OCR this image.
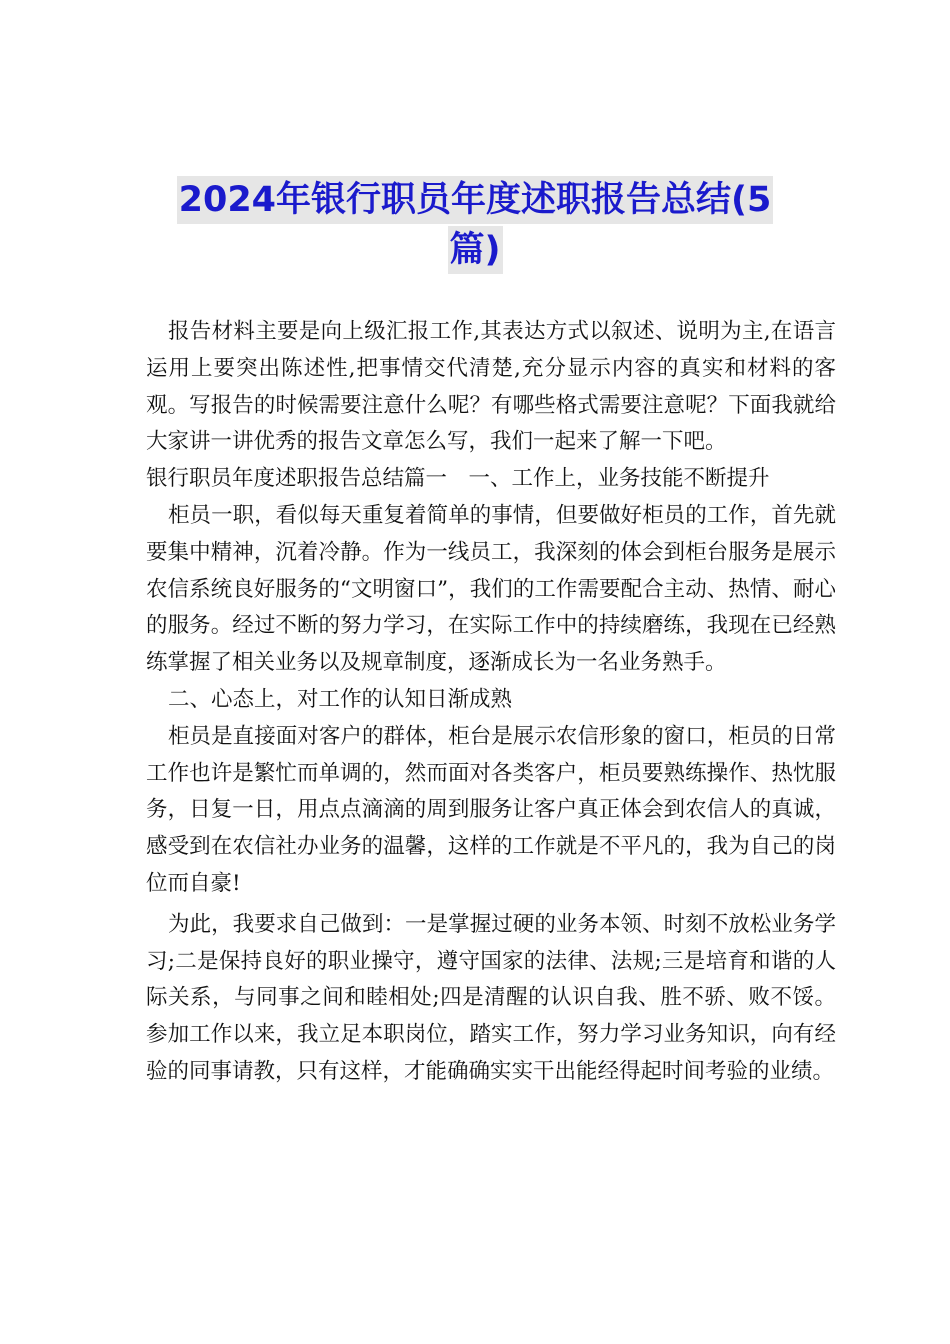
2024年银行职员年度述职报告总结(5
篇)

报告材料主要是向上级汇报工作,其表达方式以叙述、说明为主,在语言运用上要突出陈述性,把事情交代清楚,充分显示内容的真实和材料的客观。写报告的时候需要注意什么呢？有哪些格式需要注意呢？下面我就给大家讲一讲优秀的报告文章怎么写，我们一起来了解一下吧。

银行职员年度述职报告总结篇一　一、工作上，业务技能不断提升

柜员一职，看似每天重复着简单的事情，但要做好柜员的工作，首先就要集中精神，沉着冷静。作为一线员工，我深刻的体会到柜台服务是展示农信系统良好服务的“文明窗口”，我们的工作需要配合主动、热情、耐心的服务。经过不断的努力学习，在实际工作中的持续磨练，我现在已经熟练掌握了相关业务以及规章制度，逐渐成长为一名业务熟手。

二、心态上，对工作的认知日渐成熟

柜员是直接面对客户的群体，柜台是展示农信形象的窗口，柜员的日常工作也许是繁忙而单调的，然而面对各类客户，柜员要熟练操作、热忱服务，日复一日，用点点滴滴的周到服务让客户真正体会到农信人的真诚，感受到在农信社办业务的温馨，这样的工作就是不平凡的，我为自己的岗位而自豪!

为此，我要求自己做到：一是掌握过硬的业务本领、时刻不放松业务学习;二是保持良好的职业操守，遵守国家的法律、法规;三是培育和谐的人际关系，与同事之间和睦相处;四是清醒的认识自我、胜不骄、败不馁。参加工作以来，我立足本职岗位，踏实工作，努力学习业务知识，向有经验的同事请教，只有这样，才能确确实实干出能经得起时间考验的业绩。
